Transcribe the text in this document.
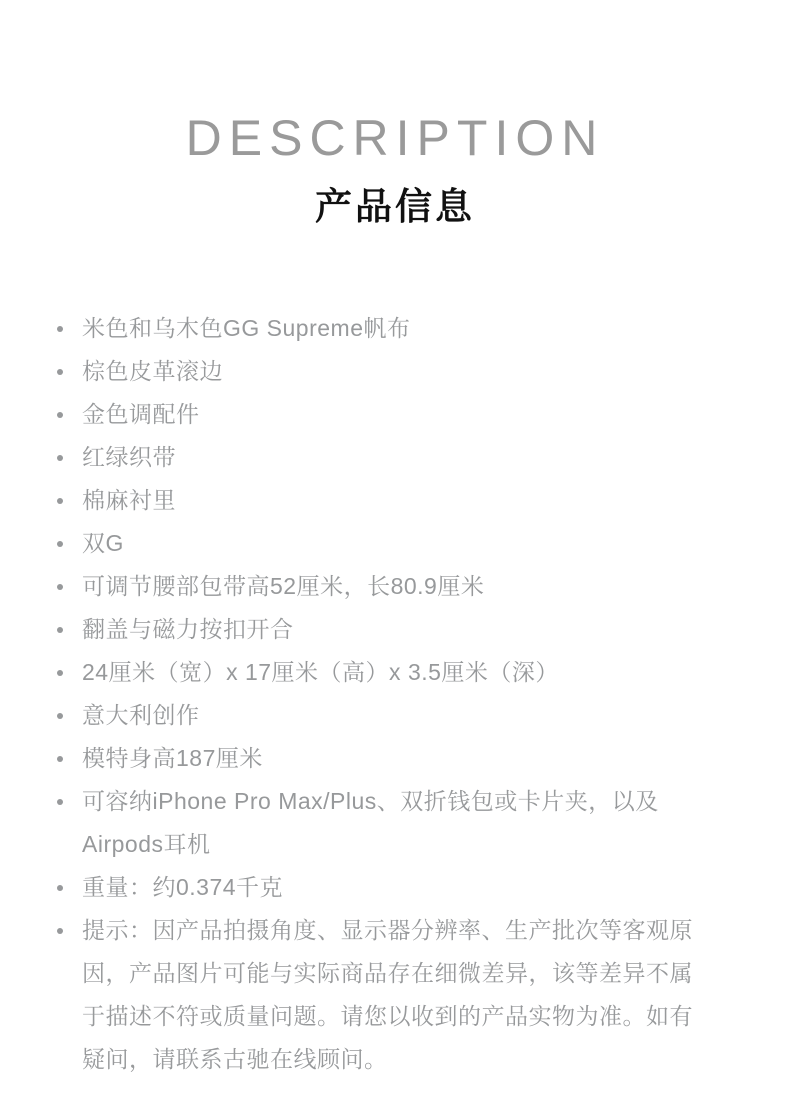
DESCRIPTION
产品信息
米色和乌木色GG Supreme帆布
棕色皮革滚边
金色调配件
红绿织带
棉麻衬里
双G
可调节腰部包带高52厘米，长80.9厘米
翻盖与磁力按扣开合
24厘米（宽）x 17厘米（高）x 3.5厘米（深）
意大利创作
模特身高187厘米
可容纳iPhone Pro Max/Plus、双折钱包或卡片夹，以及Airpods耳机
重量：约0.374千克
提示：因产品拍摄角度、显示器分辨率、生产批次等客观原因，产品图片可能与实际商品存在细微差异，该等差异不属于描述不符或质量问题。请您以收到的产品实物为准。如有疑问，请联系古驰在线顾问。
